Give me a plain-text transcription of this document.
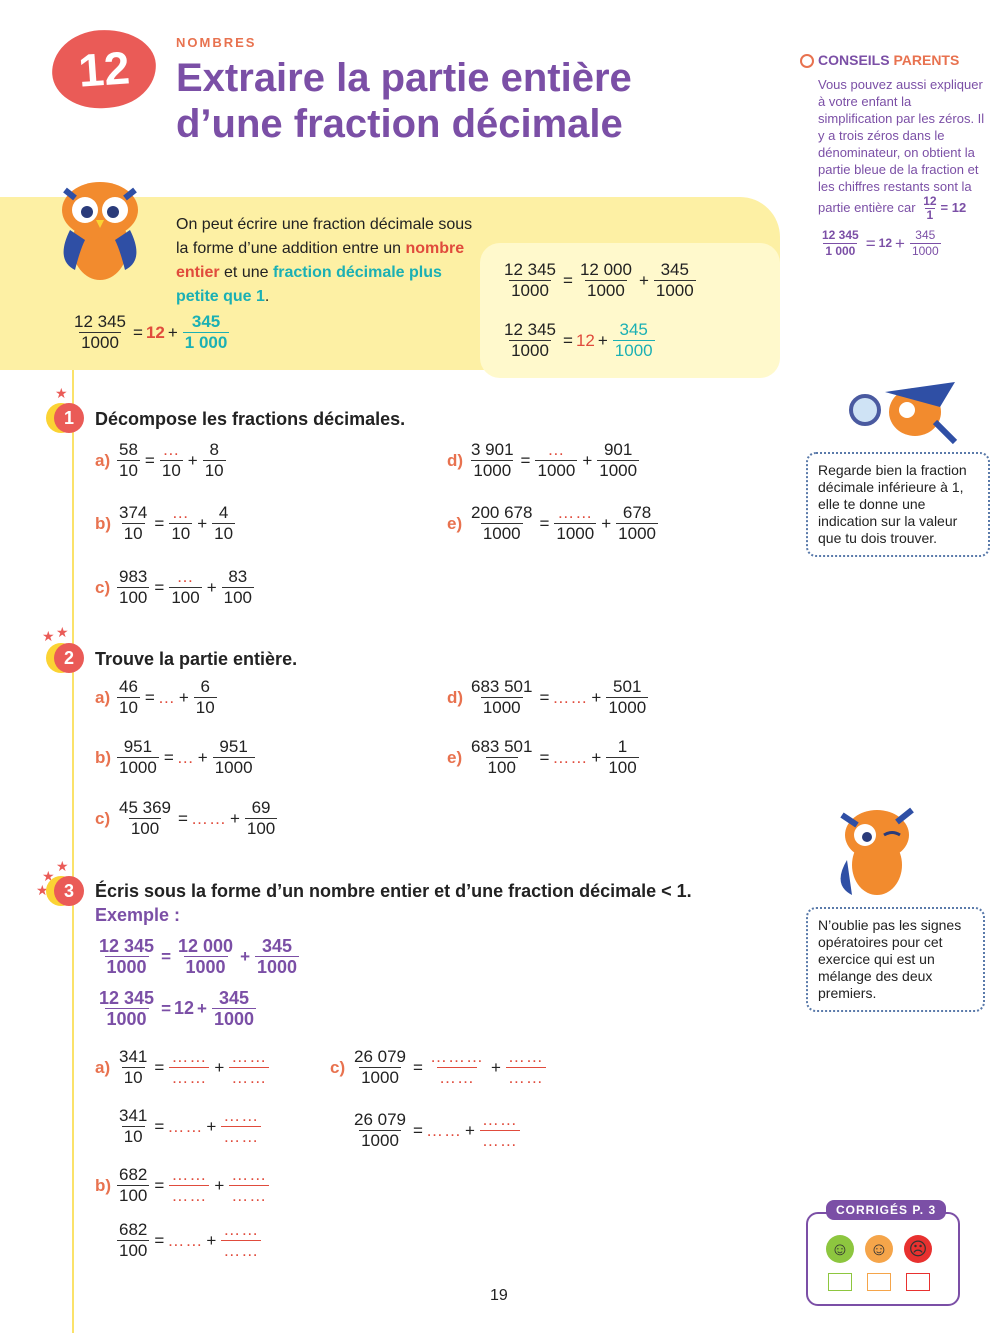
12	NOMBRES
Extraire la partie entière
d’une fraction décimale
On peut écrire une fraction décimale sous la forme d’une addition entre un nombre entier et une fraction décimale plus petite que 1.
$\frac{12 345}{1000} = 12 + \frac{345}{1 000}$
$\frac{12 345}{1000} = \frac{12 000}{1000} + \frac{345}{1000}$
$\frac{12 345}{1000} = 12 + \frac{345}{1000}$
CONSEILS PARENTS
Vous pouvez aussi expliquer à votre enfant la simplification par les zéros. Il y a trois zéros dans le dénominateur, on obtient la partie bleue de la fraction et les chiffres restants sont la partie entière car $\frac{12}{1} = 12$
$\frac{12 345}{1 000} = 12 + \frac{345}{1000}$
Regarde bien la fraction décimale inférieure à 1, elle te donne une indication sur la valeur que tu dois trouver.
N’oublie pas les signes opératoires pour cet exercice qui est un mélange des deux premiers.
★
1	Décompose les fractions décimales.
$a) \frac{58}{10} = \frac{\dots}{10} + \frac{8}{10}$
$b) \frac{374}{10} = \frac{\dots}{10} + \frac{4}{10}$
$c) \frac{983}{100} = \frac{\dots}{100} + \frac{83}{100}$
$d) \frac{3 901}{1000} = \frac{\dots}{1000} + \frac{901}{1000}$
$e) \frac{200 678}{1000} = \frac{\dots\dots}{1000} + \frac{678}{1000}$
★ ★
2	Trouve la partie entière.
$a) \frac{46}{10}$ = … + $\frac{6}{10}$
$b) \frac{951}{1000}$ = … + $\frac{951}{1000}$
$c) \frac{45 369}{100}$ = …… + $\frac{69}{100}$
$d) \frac{683 501}{1000}$ = …… + $\frac{501}{1000}$
$e) \frac{683 501}{100}$ = …… + $\frac{1}{100}$
★
★
★ 3	Écris sous la forme d’un nombre entier et d’une fraction décimale < 1.
Exemple :
$\frac{12 345}{1000} = \frac{12 000}{1000} + \frac{345}{1000}$
$\frac{12 345}{1000} = 12 + \frac{345}{1000}$
$a) \frac{341}{10} = \frac{\dots\dots}{\dots\dots} + \frac{\dots\dots}{\dots\dots}$
$\frac{341}{10}$ = …… + $\frac{\dots\dots}{\dots\dots}$
$b) \frac{682}{100} = \frac{\dots\dots}{\dots\dots} + \frac{\dots\dots}{\dots\dots}$
$\frac{682}{100}$ = …… + $\frac{\dots\dots}{\dots\dots}$
$c) \frac{26 079}{1000} = \frac{\dots\dots\dots}{\dots\dots} + \frac{\dots\dots}{\dots\dots}$
$\frac{26 079}{1000}$ = …… + $\frac{\dots\dots}{\dots\dots}$
19
CORRIGÉS P. 3
☺ ☺ ☹
